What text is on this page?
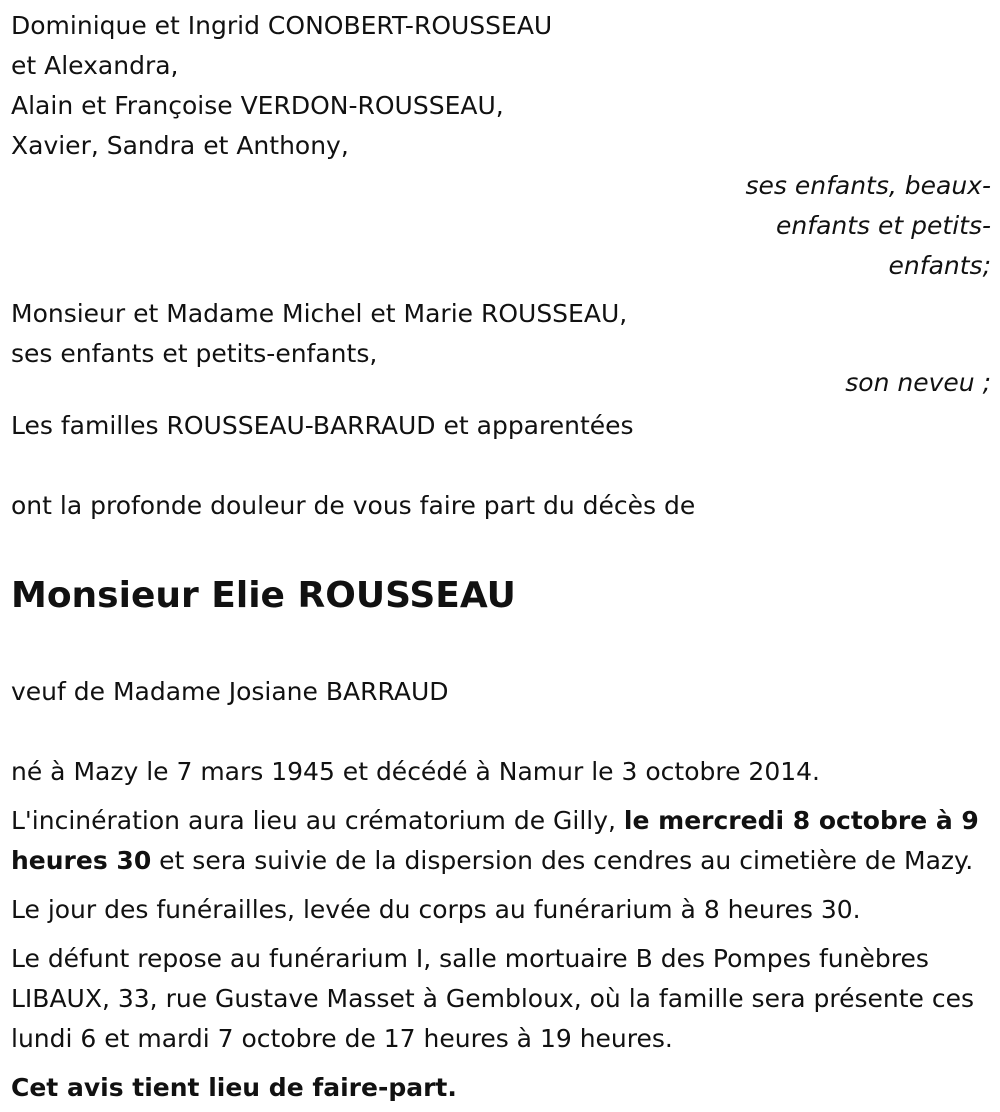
Dominique et Ingrid CONOBERT-ROUSSEAU

et Alexandra,

Alain et Françoise VERDON-ROUSSEAU,

Xavier, Sandra et Anthony,

ses enfants, beaux-enfants et petits-enfants;

Monsieur et Madame Michel et Marie ROUSSEAU,

ses enfants et petits-enfants,

son neveu ;

Les familles ROUSSEAU-BARRAUD et apparentées

ont la profonde douleur de vous faire part du décès de

Monsieur Elie ROUSSEAU

veuf de Madame Josiane BARRAUD

né à Mazy le 7 mars 1945 et décédé à Namur le 3 octobre 2014.

L'incinération aura lieu au crématorium de Gilly, le mercredi 8 octobre à 9 heures 30 et sera suivie de la dispersion des cendres au cimetière de Mazy.

Le jour des funérailles, levée du corps au funérarium à 8 heures 30.

Le défunt repose au funérarium I, salle mortuaire B des Pompes funèbres LIBAUX, 33, rue Gustave Masset à Gembloux, où la famille sera présente ces lundi 6 et mardi 7 octobre de 17 heures à 19 heures.

Cet avis tient lieu de faire-part.
